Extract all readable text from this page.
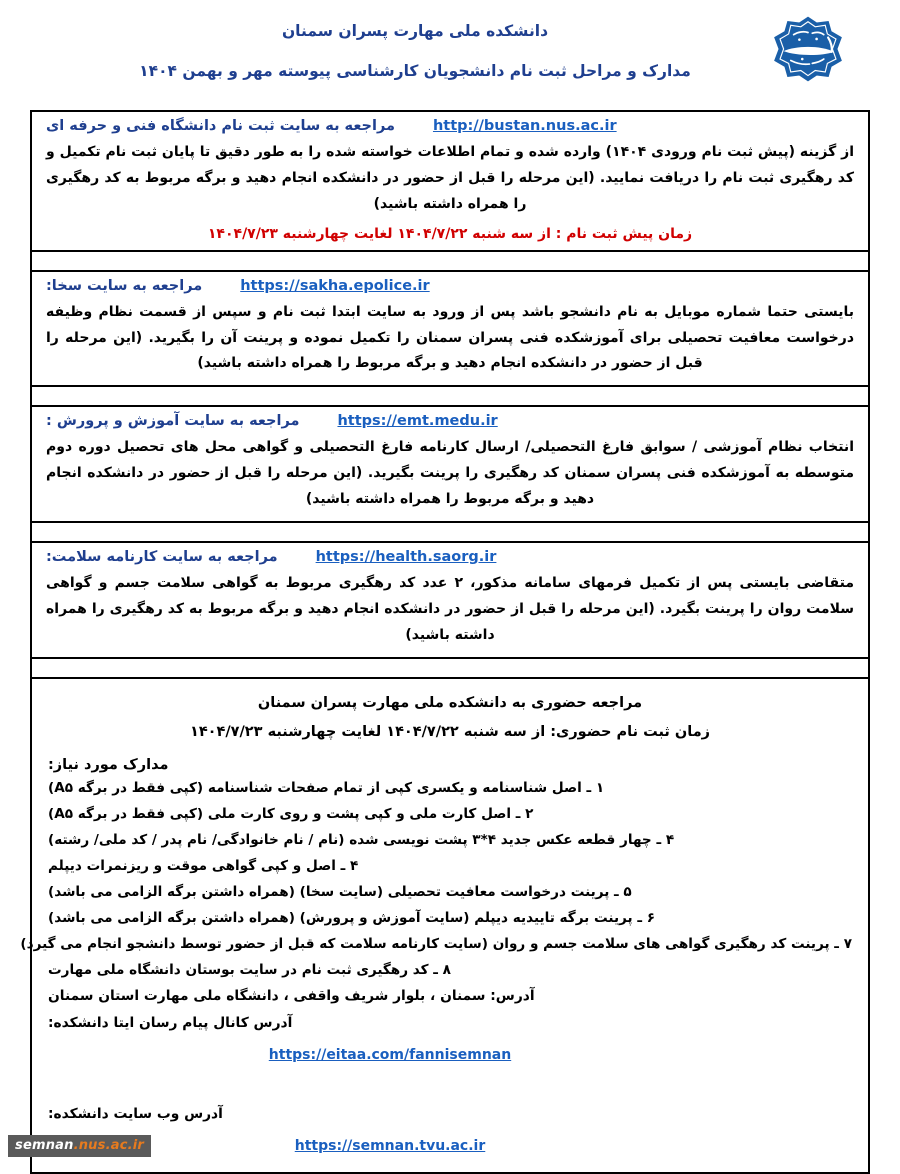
دانشکده ملی مهارت پسران سمنان
مدارک و مراحل ثبت نام دانشجویان کارشناسی پیوسته مهر و بهمن ۱۴۰۴
مراجعه به سایت ثبت نام دانشگاه فنی و حرفه ای	http://bustan.nus.ac.ir
از گزینه (پیش ثبت نام ورودی ۱۴۰۴) وارده شده و تمام اطلاعات خواسته شده را به طور دقیق تا پایان ثبت نام تکمیل و کد رهگیری ثبت نام را دریافت نمایید. (این مرحله را قبل از حضور در دانشکده انجام دهید و برگه مربوط به کد رهگیری را همراه داشته باشید)
زمان پیش ثبت نام : از سه شنبه ۱۴۰۴/۷/۲۲ لغایت چهارشنبه ۱۴۰۴/۷/۲۳
مراجعه به سایت سخا:	https://sakha.epolice.ir
بایستی حتما شماره موبایل به نام دانشجو باشد پس از ورود به سایت ابتدا ثبت نام و سپس از قسمت نظام وظیفه درخواست معافیت تحصیلی برای آموزشکده فنی پسران سمنان را تکمیل نموده و پرینت آن را بگیرید. (این مرحله را قبل از حضور در دانشکده انجام دهید و برگه مربوط را همراه داشته باشید)
مراجعه به سایت آموزش و پرورش :	https://emt.medu.ir
انتخاب نظام آموزشی / سوابق فارغ التحصیلی/ ارسال کارنامه فارغ التحصیلی و گواهی محل های تحصیل دوره دوم متوسطه به آموزشکده فنی پسران سمنان کد رهگیری را پرینت بگیرید. (این مرحله را قبل از حضور در دانشکده انجام دهید و برگه مربوط را همراه داشته باشید)
مراجعه به سایت کارنامه سلامت:	https://health.saorg.ir
متقاضی بایستی پس از تکمیل فرمهای سامانه مذکور، ۲ عدد کد رهگیری مربوط به گواهی سلامت جسم و گواهی سلامت روان را پرینت بگیرد. (این مرحله را قبل از حضور در دانشکده انجام دهید و برگه مربوط به کد رهگیری را همراه داشته باشید)
مراجعه حضوری به دانشکده ملی مهارت پسران سمنان
زمان ثبت نام حضوری: از سه شنبه ۱۴۰۴/۷/۲۲ لغایت چهارشنبه ۱۴۰۴/۷/۲۳
مدارک مورد نیاز:
۱ ـ اصل شناسنامه و یکسری کپی از تمام صفحات شناسنامه (کپی فقط در برگه A۵)
۲ ـ اصل کارت ملی و کپی پشت و روی کارت ملی (کپی فقط در برگه A۵)
۴ ـ چهار قطعه عکس جدید ۴*۳ پشت نویسی شده (نام / نام خانوادگی/ نام پدر / کد ملی/ رشته)
۴ ـ اصل و کپی گواهی موقت و ریزنمرات دیپلم
۵ ـ پرینت درخواست معافیت تحصیلی (سایت سخا) (همراه داشتن برگه الزامی می باشد)
۶ ـ پرینت برگه تاییدیه دیپلم (سایت آموزش و پرورش) (همراه داشتن برگه الزامی می باشد)
۷ ـ پرینت کد رهگیری گواهی های سلامت جسم و روان (سایت کارنامه سلامت که قبل از حضور توسط دانشجو انجام می گیرد)
۸ ـ کد رهگیری ثبت نام در سایت بوستان دانشگاه ملی مهارت
آدرس: سمنان ، بلوار شریف واقفی ، دانشگاه ملی مهارت استان سمنان
آدرس کانال پیام رسان ایتا دانشکده:
https://eitaa.com/fannisemnan
آدرس وب سایت دانشکده:
https://semnan.tvu.ac.ir
semnan.nus.ac.ir
